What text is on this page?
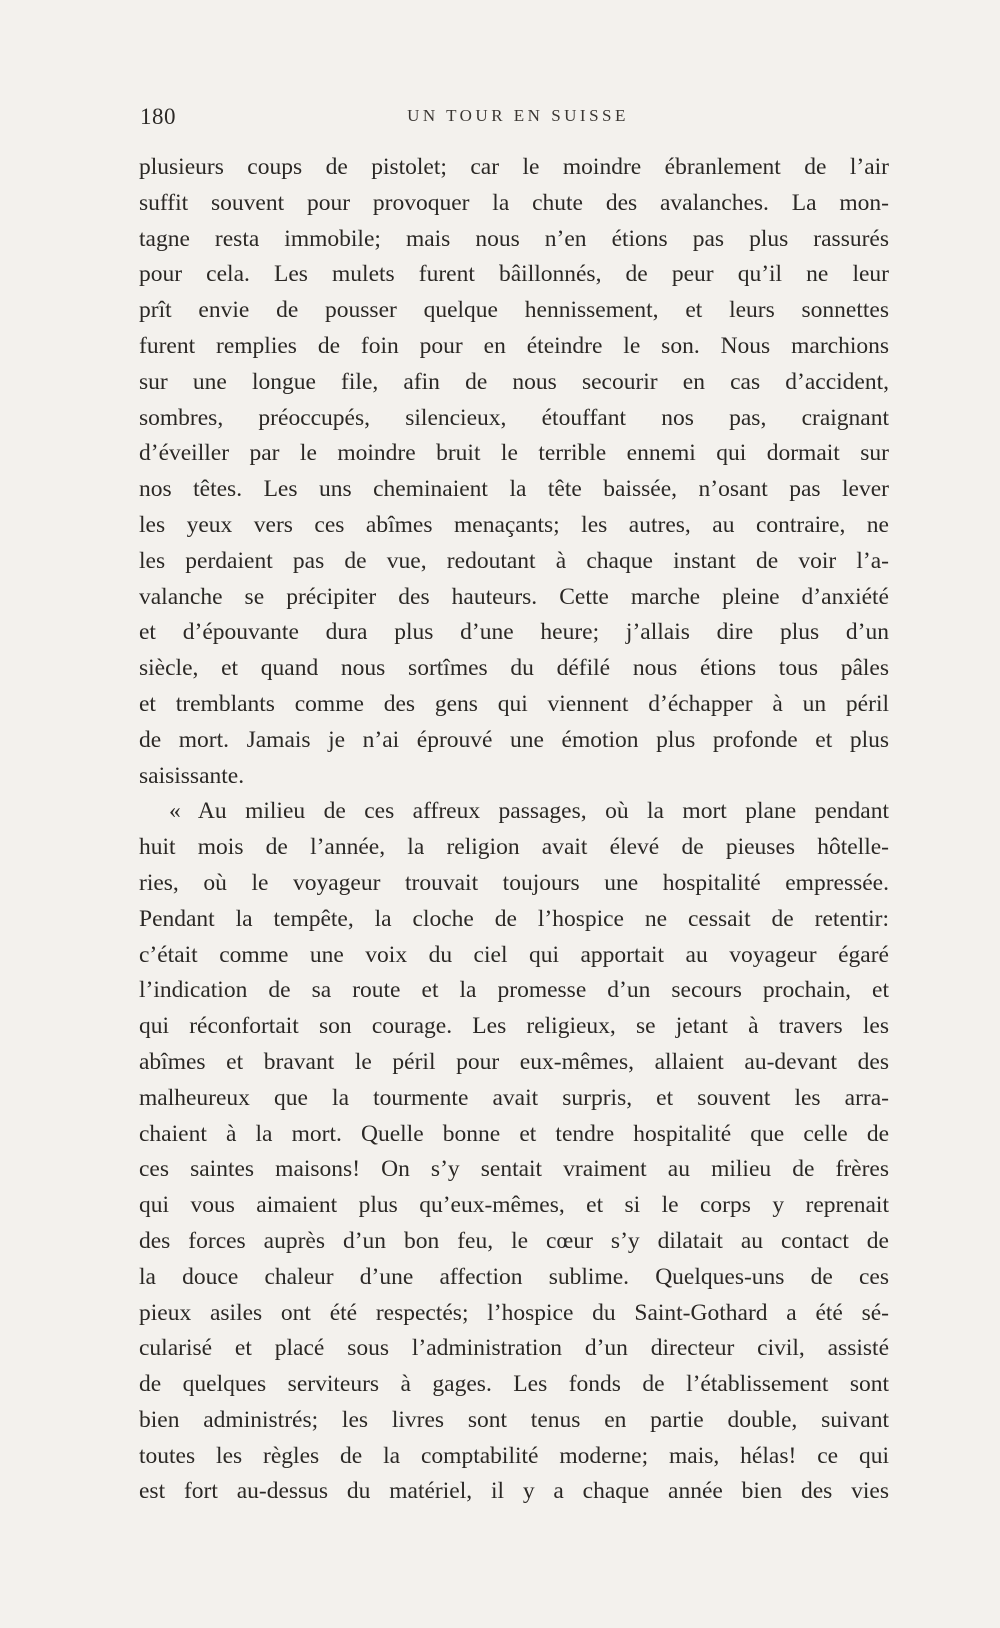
180	UN TOUR EN SUISSE
plusieurs coups de pistolet; car le moindre ébranlement de l’air
suffit souvent pour provoquer la chute des avalanches. La mon-
tagne resta immobile; mais nous n’en étions pas plus rassurés
pour cela. Les mulets furent bâillonnés, de peur qu’il ne leur
prît envie de pousser quelque hennissement, et leurs sonnettes
furent remplies de foin pour en éteindre le son. Nous marchions
sur une longue file, afin de nous secourir en cas d’accident,
sombres, préoccupés, silencieux, étouffant nos pas, craignant
d’éveiller par le moindre bruit le terrible ennemi qui dormait sur
nos têtes. Les uns cheminaient la tête baissée, n’osant pas lever
les yeux vers ces abîmes menaçants; les autres, au contraire, ne
les perdaient pas de vue, redoutant à chaque instant de voir l’a-
valanche se précipiter des hauteurs. Cette marche pleine d’anxiété
et d’épouvante dura plus d’une heure; j’allais dire plus d’un
siècle, et quand nous sortîmes du défilé nous étions tous pâles
et tremblants comme des gens qui viennent d’échapper à un péril
de mort. Jamais je n’ai éprouvé une émotion plus profonde et plus
saisissante.
« Au milieu de ces affreux passages, où la mort plane pendant
huit mois de l’année, la religion avait élevé de pieuses hôtelle-
ries, où le voyageur trouvait toujours une hospitalité empressée.
Pendant la tempête, la cloche de l’hospice ne cessait de retentir:
c’était comme une voix du ciel qui apportait au voyageur égaré
l’indication de sa route et la promesse d’un secours prochain, et
qui réconfortait son courage. Les religieux, se jetant à travers les
abîmes et bravant le péril pour eux-mêmes, allaient au-devant des
malheureux que la tourmente avait surpris, et souvent les arra-
chaient à la mort. Quelle bonne et tendre hospitalité que celle de
ces saintes maisons! On s’y sentait vraiment au milieu de frères
qui vous aimaient plus qu’eux-mêmes, et si le corps y reprenait
des forces auprès d’un bon feu, le cœur s’y dilatait au contact de
la douce chaleur d’une affection sublime. Quelques-uns de ces
pieux asiles ont été respectés; l’hospice du Saint-Gothard a été sé-
cularisé et placé sous l’administration d’un directeur civil, assisté
de quelques serviteurs à gages. Les fonds de l’établissement sont
bien administrés; les livres sont tenus en partie double, suivant
toutes les règles de la comptabilité moderne; mais, hélas! ce qui
est fort au-dessus du matériel, il y a chaque année bien des vies
